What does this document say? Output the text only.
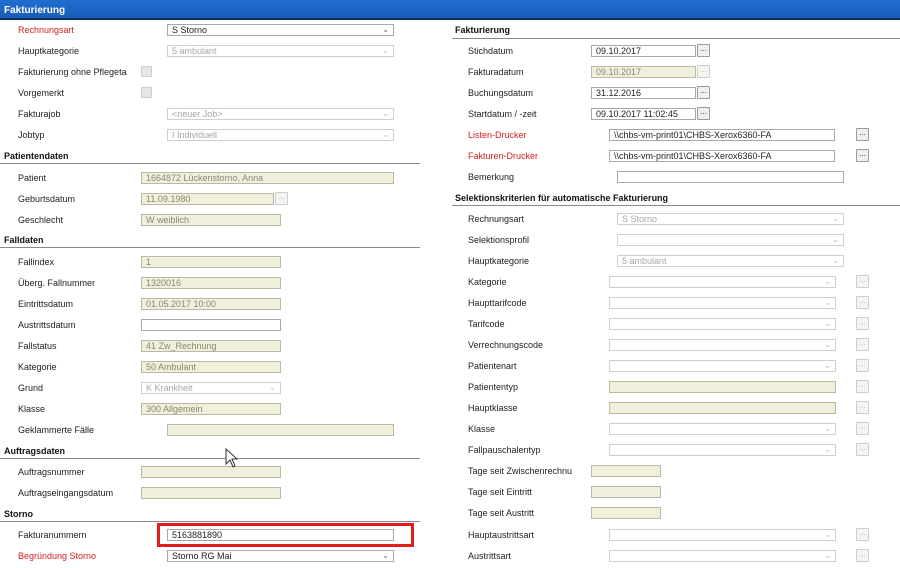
Fakturierung
Rechnungsart	S Storno	⌄
Hauptkategorie	5 ambulant	⌄
Fakturierung ohne Pflegeta
Vorgemerkt
Fakturajob	<neuer Job>	⌄
Jobtyp	I Individuell	⌄
Patientendaten
Patient	1664872 Lückenstorno, Anna
Geburtsdatum	11.09.1980	...
Geschlecht	W weiblich
Falldaten
Fallindex	1
Überg. Fallnummer	1320016
Eintrittsdatum	01.05.2017 10:00
Austrittsdatum
Fallstatus	41 Zw_Rechnung
Kategorie	50 Ambulant
Grund	K Krankheit	⌄
Klasse	300 Allgemein
Geklammerte Fälle
Auftragsdaten
Auftragsnummer
Auftragseingangsdatum
Storno
Fakturanummern	5163881890
Begründung Storno	Storno RG Mai	⌄
Fakturierung
Stichdatum	09.10.2017	...
Fakturadatum	09.10.2017	...
Buchungsdatum	31.12.2016	...
Startdatum / -zeit	09.10.2017 11:02:45	...
Listen-Drucker	\\chbs-vm-print01\CHBS-Xerox6360-FA	...
Fakturen-Drucker	\\chbs-vm-print01\CHBS-Xerox6360-FA	...
Bemerkung
Selektionskriterien für automatische Fakturierung
Rechnungsart	S Storno	⌄
Selektionsprofil	⌄
Hauptkategorie	5 ambulant	⌄
Kategorie	⌄	...
Haupttarifcode	⌄	...
Tarifcode	⌄	...
Verrechnungscode	⌄	...
Patientenart	⌄	...
Patiententyp	...
Hauptklasse	...
Klasse	⌄	...
Fallpauschalentyp	⌄	...
Tage seit Zwischenrechnu
Tage seit Eintritt
Tage seit Austritt
Hauptaustrittsart	⌄	...
Austrittsart	⌄	...
